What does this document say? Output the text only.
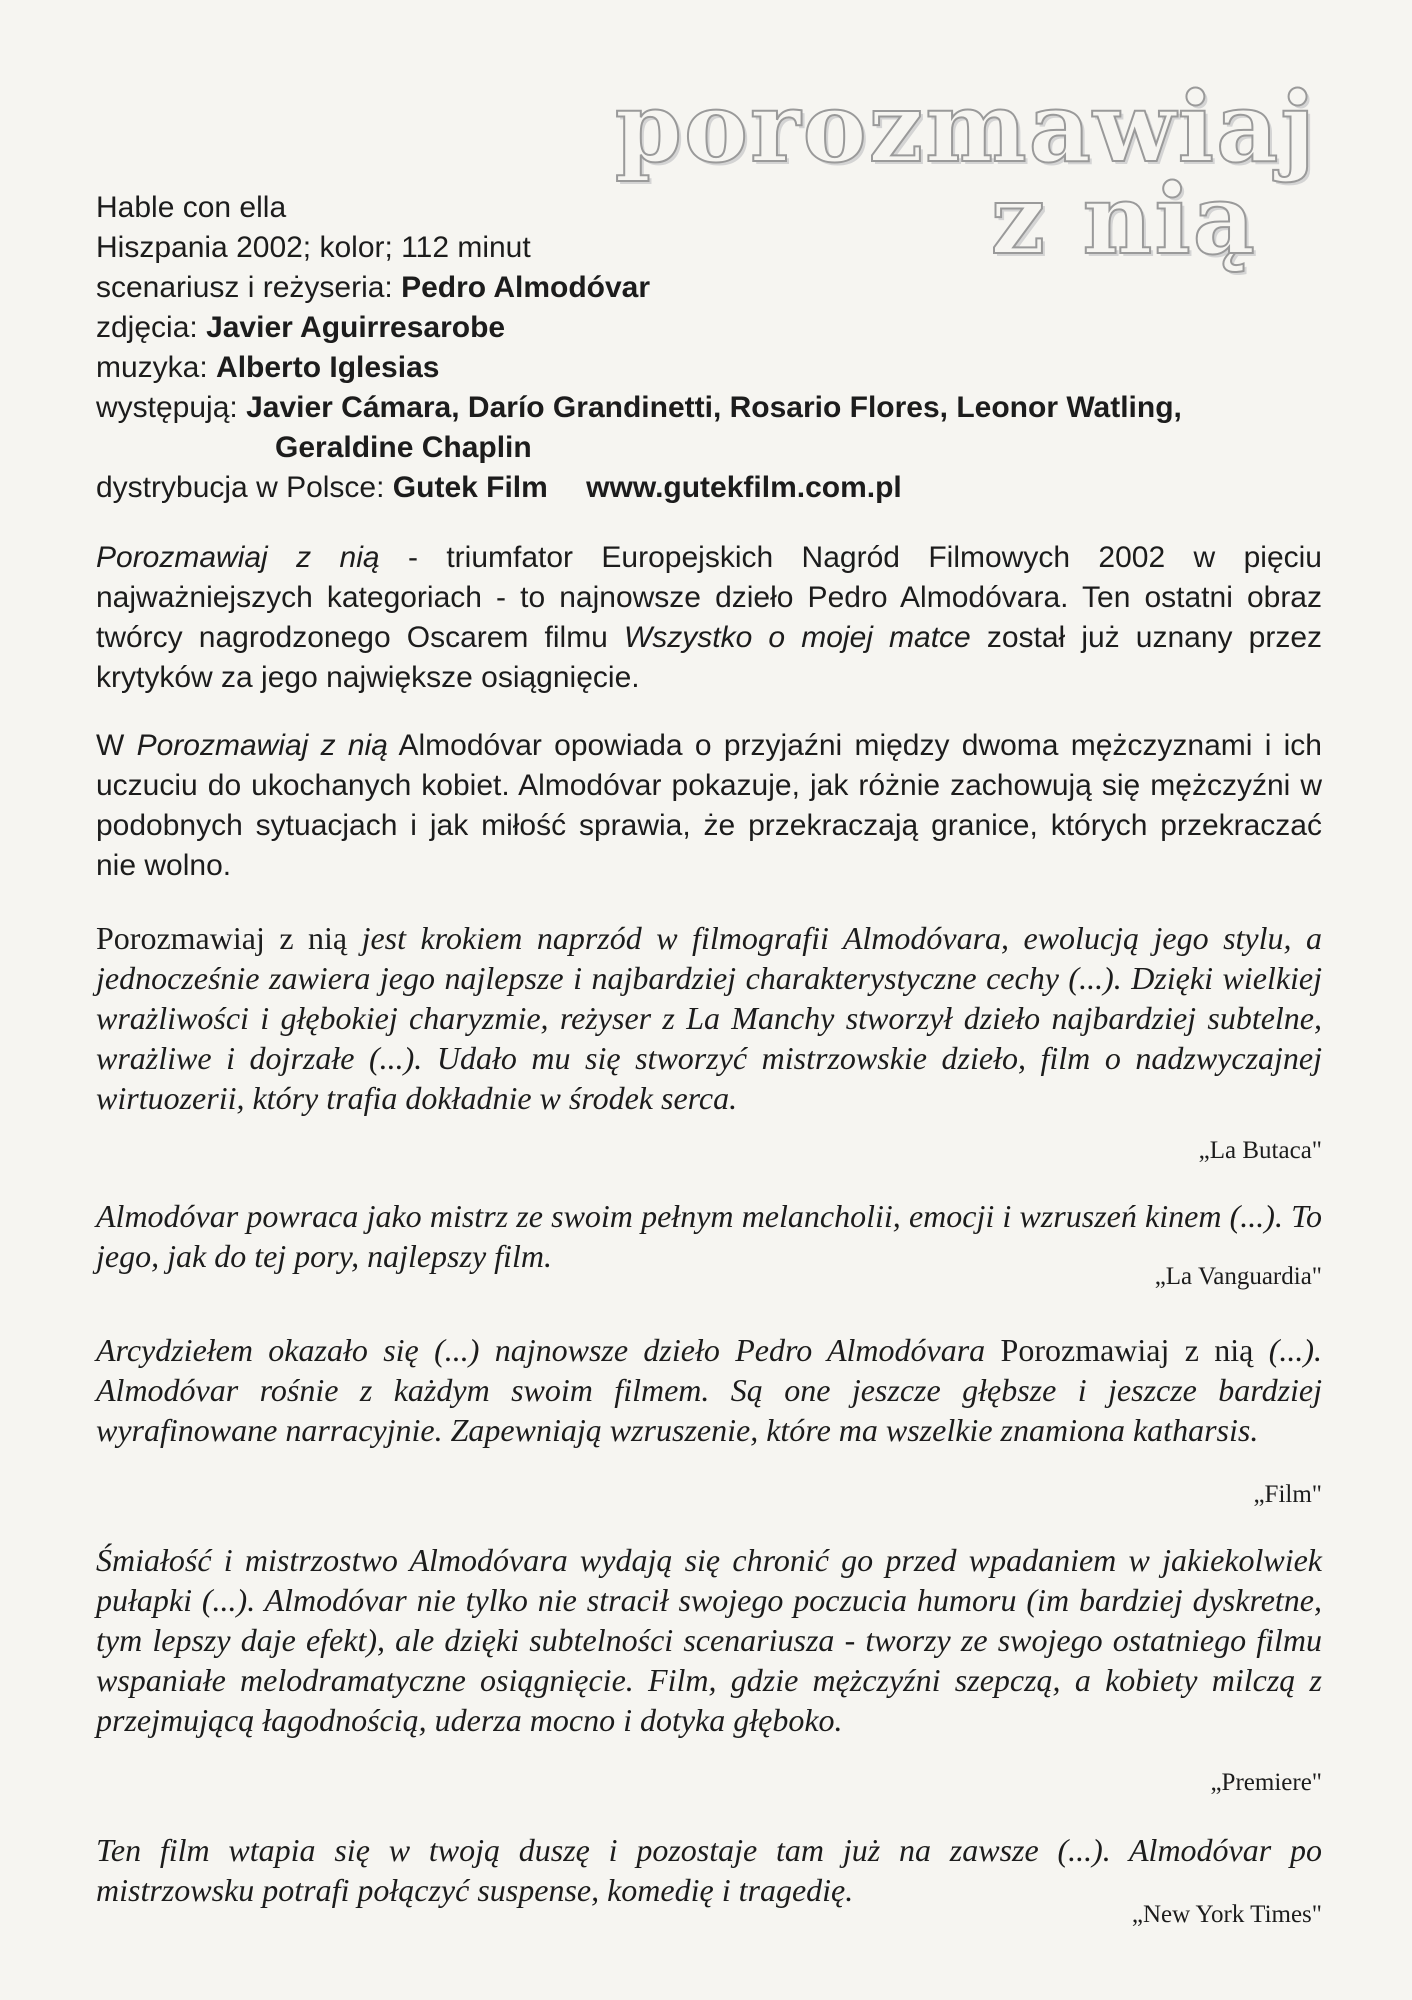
porozmawiaj
z nią
Hable con ella
Hiszpania 2002; kolor; 112 minut
scenariusz i reżyseria: Pedro Almodóvar
zdjęcia: Javier Aguirresarobe
muzyka: Alberto Iglesias
występują: Javier Cámara, Darío Grandinetti, Rosario Flores, Leonor Watling,
Geraldine Chaplin
dystrybucja w Polsce: Gutek Film www.gutekfilm.com.pl
Porozmawiaj z nią - triumfator Europejskich Nagród Filmowych 2002 w pięciu najważniejszych kategoriach - to najnowsze dzieło Pedro Almodóvara. Ten ostatni obraz twórcy nagrodzonego Oscarem filmu Wszystko o mojej matce został już uznany przez krytyków za jego największe osiągnięcie.
W Porozmawiaj z nią Almodóvar opowiada o przyjaźni między dwoma mężczyznami i ich uczuciu do ukochanych kobiet. Almodóvar pokazuje, jak różnie zachowują się mężczyźni w podobnych sytuacjach i jak miłość sprawia, że przekraczają granice, których przekraczać nie wolno.
Porozmawiaj z nią jest krokiem naprzód w filmografii Almodóvara, ewolucją jego stylu, a jednocześnie zawiera jego najlepsze i najbardziej charakterystyczne cechy (...). Dzięki wielkiej wrażliwości i głębokiej charyzmie, reżyser z La Manchy stworzył dzieło najbardziej subtelne, wrażliwe i dojrzałe (...). Udało mu się stworzyć mistrzowskie dzieło, film o nadzwyczajnej wirtuozerii, który trafia dokładnie w środek serca.
„La Butaca"
Almodóvar powraca jako mistrz ze swoim pełnym melancholii, emocji i wzruszeń kinem (...). To jego, jak do tej pory, najlepszy film.
„La Vanguardia"
Arcydziełem okazało się (...) najnowsze dzieło Pedro Almodóvara Porozmawiaj z nią (...). Almodóvar rośnie z każdym swoim filmem. Są one jeszcze głębsze i jeszcze bardziej wyrafinowane narracyjnie. Zapewniają wzruszenie, które ma wszelkie znamiona katharsis.
„Film"
Śmiałość i mistrzostwo Almodóvara wydają się chronić go przed wpadaniem w jakiekolwiek pułapki (...). Almodóvar nie tylko nie stracił swojego poczucia humoru (im bardziej dyskretne, tym lepszy daje efekt), ale dzięki subtelności scenariusza - tworzy ze swojego ostatniego filmu wspaniałe melodramatyczne osiągnięcie. Film, gdzie mężczyźni szepczą, a kobiety milczą z przejmującą łagodnością, uderza mocno i dotyka głęboko.
„Premiere"
Ten film wtapia się w twoją duszę i pozostaje tam już na zawsze (...). Almodóvar po mistrzowsku potrafi połączyć suspense, komedię i tragedię.
„New York Times"
